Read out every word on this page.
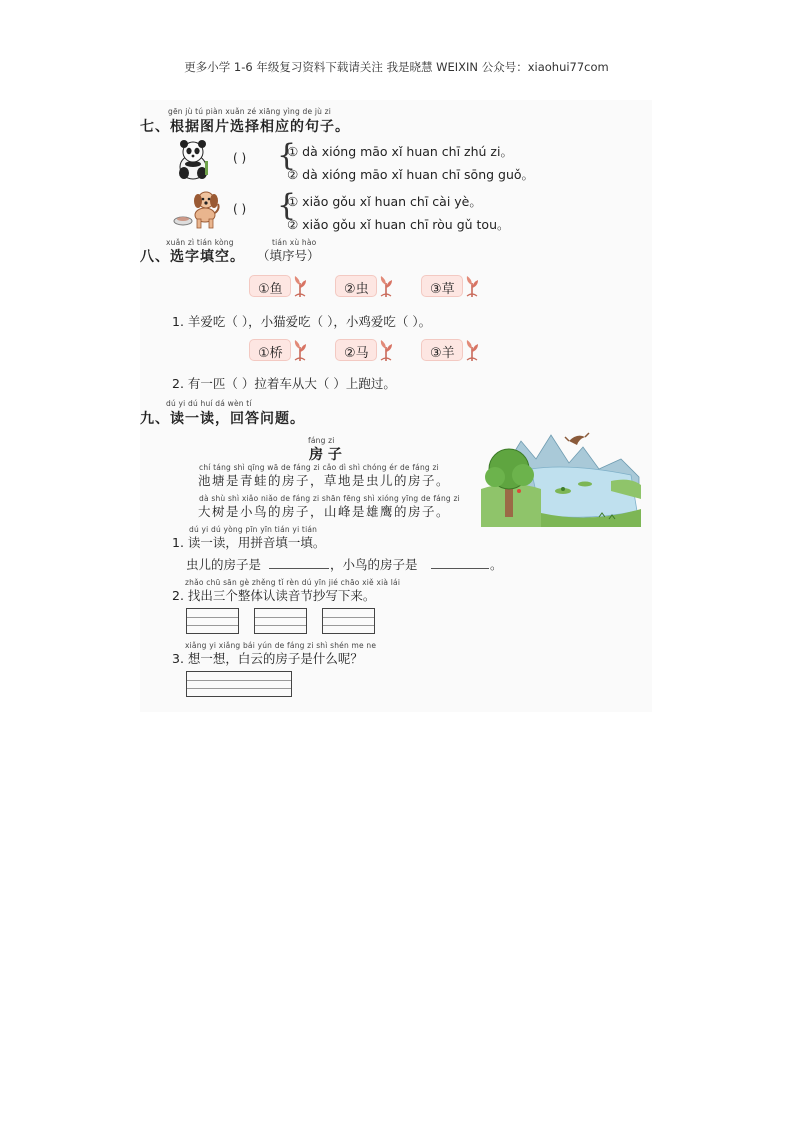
更多小学 1-6 年级复习资料下载请关注 我是晓慧 WEIXIN 公众号：xiaohui77com
gēn jù tú piàn xuǎn zé xiāng yìng de jù zi
七、根据图片选择相应的句子。
( ) {
① dà xióng māo xǐ huan chī zhú zi。
② dà xióng māo xǐ huan chī sōng guǒ。
( ) {
① xiǎo gǒu xǐ huan chī cài yè。
② xiǎo gǒu xǐ huan chī ròu gǔ tou。
xuǎn zì tián kòng	tián xù hào
八、选字填空。 （填序号）
①鱼	②虫	③草
1. 羊爱吃（ ），小猫爱吃（ ），小鸡爱吃（ ）。
①桥	②马	③羊
2. 有一匹（ ）拉着车从大（ ）上跑过。
dú yi dú huí dá wèn tí
九、读一读，回答问题。
fáng zi
房 子
chí táng shì qīng wā de fáng zi cǎo dì shì chóng ér de fáng zi
池塘是青蛙的房子，草地是虫儿的房子。
dà shù shì xiǎo niǎo de fáng zi shān fēng shì xióng yīng de fáng zi
大树是小鸟的房子，山峰是雄鹰的房子。
dú yi dú yòng pīn yīn tián yi tián
1. 读一读，用拼音填一填。
虫儿的房子是	，小鸟的房子是	。
zhǎo chū sān gè zhěng tǐ rèn dú yīn jié chāo xiě xià lái
2. 找出三个整体认读音节抄写下来。
xiǎng yi xiǎng bái yún de fáng zi shì shén me ne
3. 想一想，白云的房子是什么呢？
